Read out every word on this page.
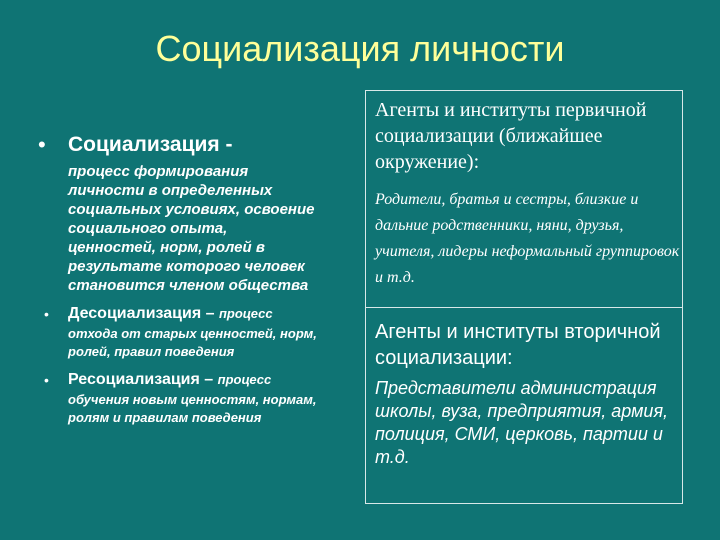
Социализация личности
•	Социализация -
процесс формирования личности в определенных социальных условиях, освоение социального опыта, ценностей, норм, ролей в результате которого человек становится членом общества
•	Десоциализация – процесс
отхода от старых ценностей, норм, ролей, правил поведения
•	Ресоциализация – процесс
обучения новым ценностям, нормам, ролям и правилам поведения
Агенты и институты первичной социализации (ближайшее окружение):
Родители, братья и сестры, близкие и дальние родственники, няни, друзья, учителя, лидеры неформальный группировок и т.д.
Агенты и институты вторичной социализации:
Представители администрация школы, вуза, предприятия, армия, полиция, СМИ, церковь, партии и т.д.
